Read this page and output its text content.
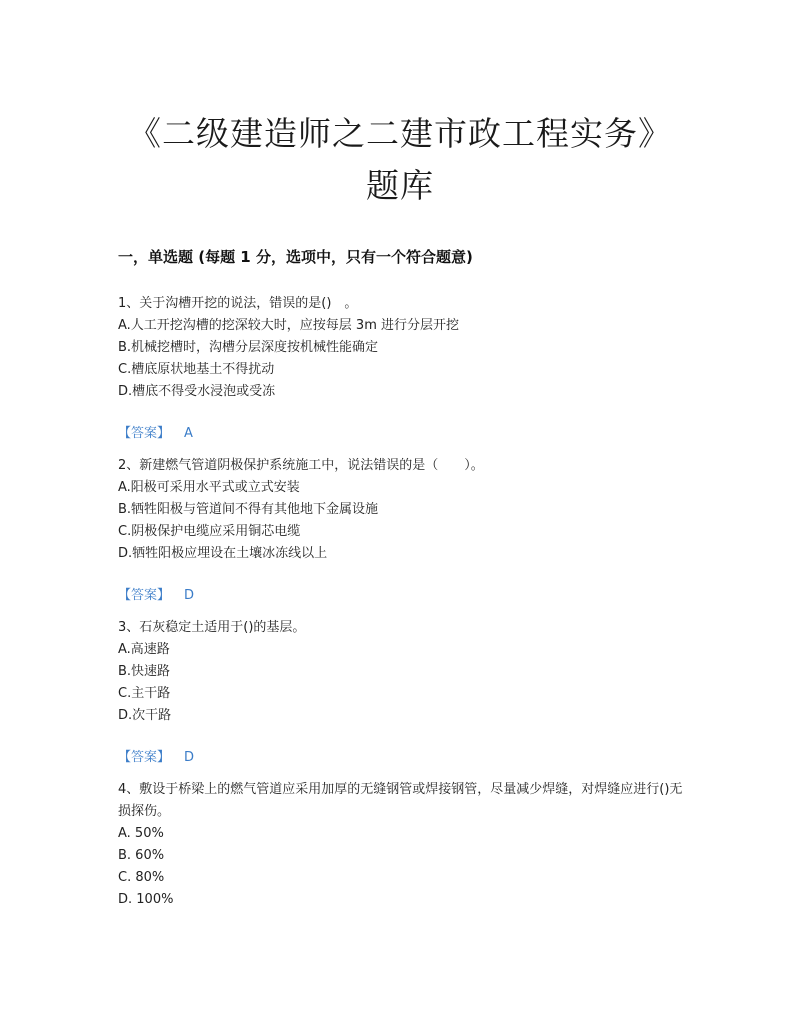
《二级建造师之二建市政工程实务》
题库
一，单选题 (每题 1 分，选项中，只有一个符合题意)
1、关于沟槽开挖的说法，错误的是()　。
A.人工开挖沟槽的挖深较大时，应按每层 3m 进行分层开挖
B.机械挖槽时，沟槽分层深度按机械性能确定
C.槽底原状地基土不得扰动
D.槽底不得受水浸泡或受冻
【答案】 A
2、新建燃气管道阴极保护系统施工中，说法错误的是（　　）。
A.阳极可采用水平式或立式安装
B.牺牲阳极与管道间不得有其他地下金属设施
C.阴极保护电缆应采用铜芯电缆
D.牺牲阳极应埋设在土壤冰冻线以上
【答案】 D
3、石灰稳定土适用于()的基层。
A.高速路
B.快速路
C.主干路
D.次干路
【答案】 D
4、敷设于桥梁上的燃气管道应采用加厚的无缝钢管或焊接钢管，尽量减少焊缝，对焊缝应进行()无损探伤。
A. 50%
B. 60%
C. 80%
D. 100%
